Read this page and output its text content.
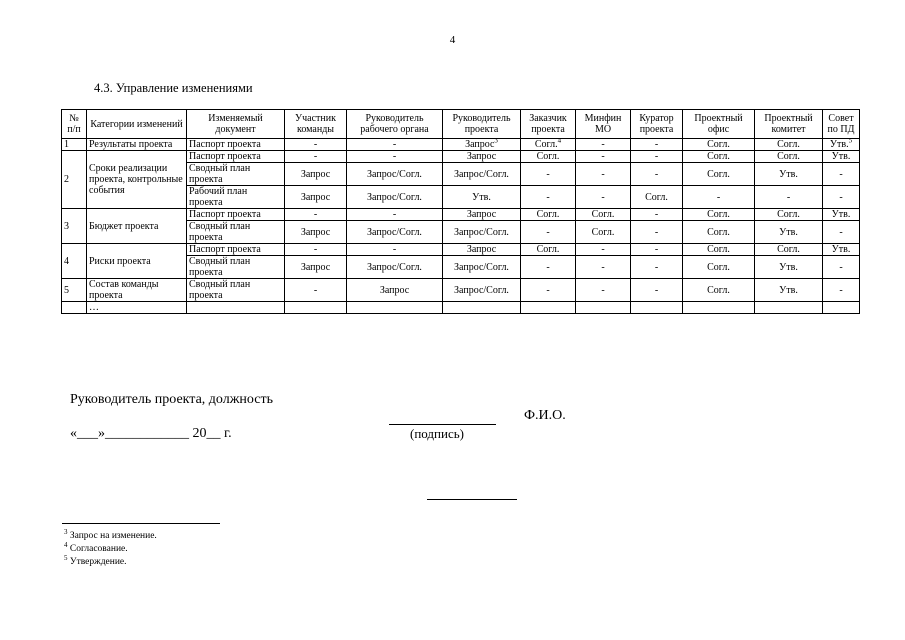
4
4.3. Управление изменениями
№ п/п	Категории изменений	Изменяемый документ	Участник команды	Руководитель рабочего органа	Руководитель проекта	Заказчик проекта	Минфин МО	Куратор проекта	Проектный офис	Проектный комитет	Совет по ПД
1	Результаты проекта	Паспорт проекта	-	-	Запрос$^3$	Согл.$^4$	-	-	Согл.	Согл.	Утв.$^5$
2	Сроки реализации проекта, контрольные события	Паспорт проекта	-	-	Запрос	Согл.	-	-	Согл.	Согл.	Утв.
		Сводный план проекта	Запрос	Запрос/Согл.	Запрос/Согл.	-	-	-	Согл.	Утв.	-
		Рабочий план проекта	Запрос	Запрос/Согл.	Утв.	-	-	Согл.	-	-	-
3	Бюджет проекта	Паспорт проекта	-	-	Запрос	Согл.	Согл.	-	Согл.	Согл.	Утв.
		Сводный план проекта	Запрос	Запрос/Согл.	Запрос/Согл.	-	Согл.	-	Согл.	Утв.	-
4	Риски проекта	Паспорт проекта	-	-	Запрос	Согл.	-	-	Согл.	Согл.	Утв.
		Сводный план проекта	Запрос	Запрос/Согл.	Запрос/Согл.	-	-	-	Согл.	Утв.	-
5	Состав команды проекта	Сводный план проекта	-	Запрос	Запрос/Согл.	-	-	-	Согл.	Утв.	-
	…										
Руководитель проекта, должность
Ф.И.О.
(подпись)
«___»____________ 20__ г.
$^3$ Запрос на изменение.
$^4$ Согласование.
$^5$ Утверждение.
